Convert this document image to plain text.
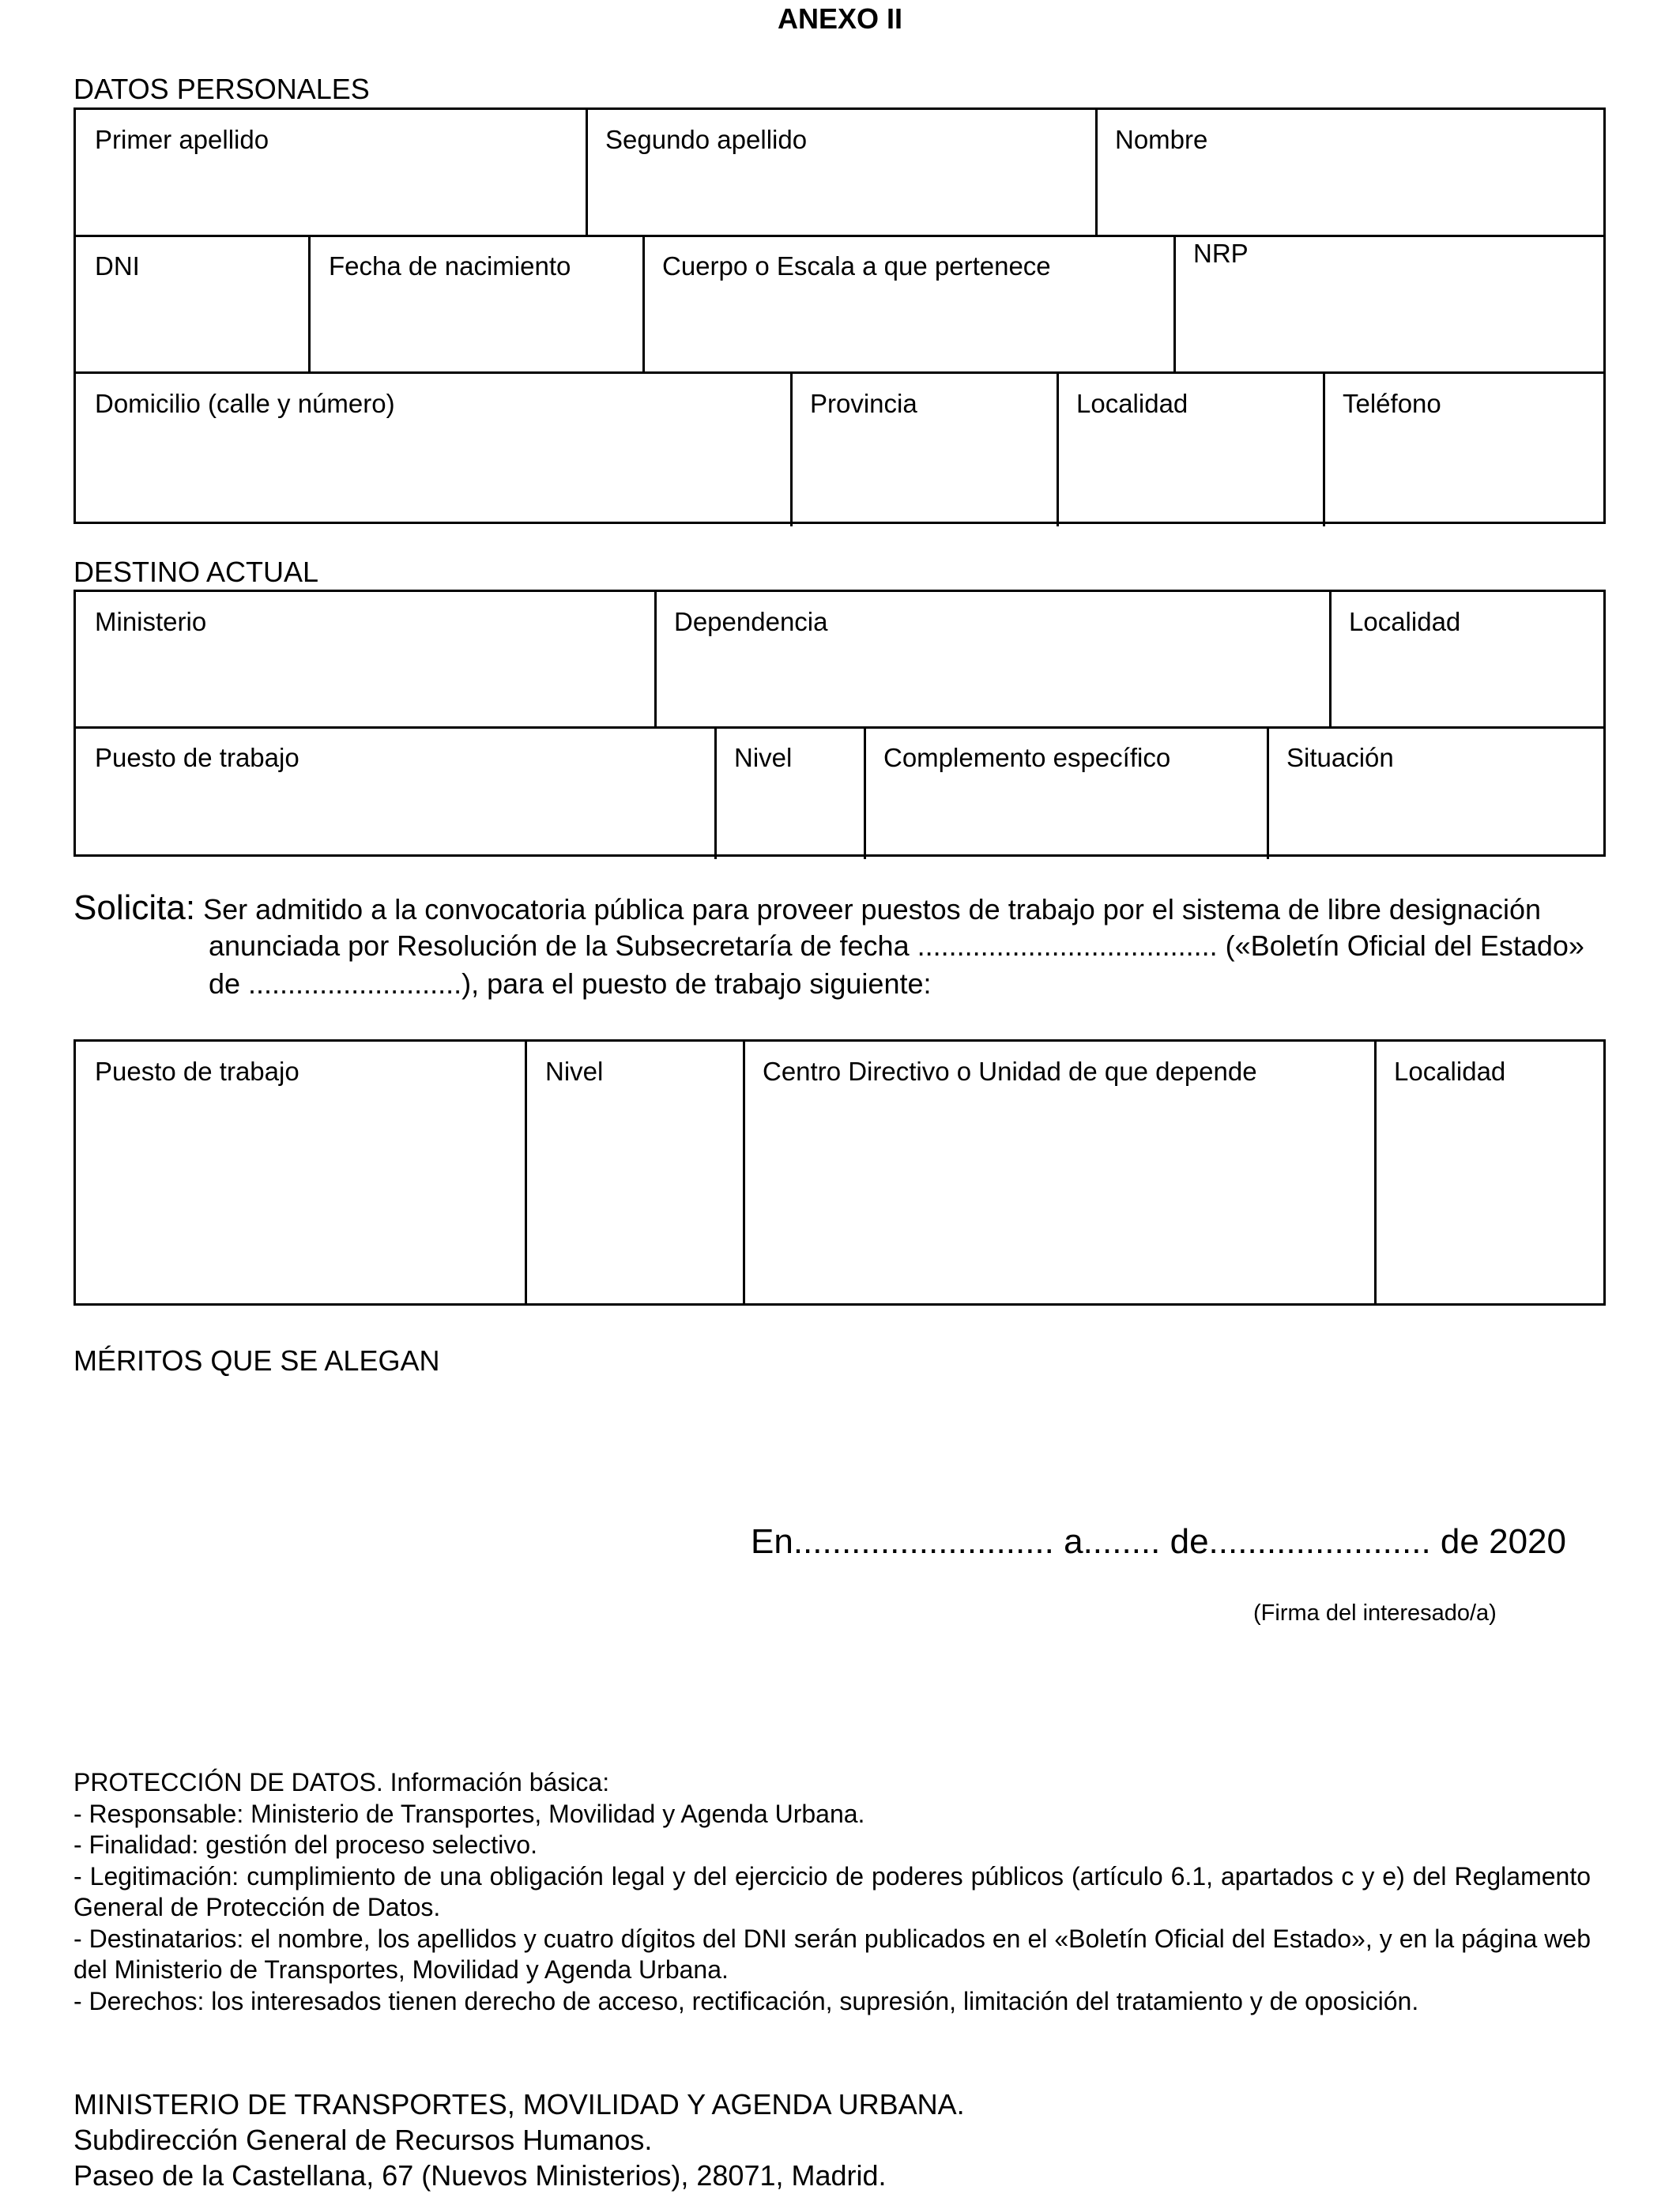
ANEXO II
DATOS PERSONALES
Primer apellido	Segundo apellido	Nombre
DNI	Fecha de nacimiento	Cuerpo o Escala a que pertenece	NRP
Domicilio (calle y número)	Provincia	Localidad	Teléfono
DESTINO ACTUAL
Ministerio	Dependencia	Localidad
Puesto de trabajo	Nivel	Complemento específico	Situación
Solicita: Ser admitido a la convocatoria pública para proveer puestos de trabajo por el sistema de libre designación
anunciada por Resolución de la Subsecretaría de fecha ...................................... («Boletín Oficial del Estado»
de ...........................), para el puesto de trabajo siguiente:
Puesto de trabajo	Nivel	Centro Directivo o Unidad de que depende	Localidad
MÉRITOS QUE SE ALEGAN
En........................... a........ de....................... de 2020
(Firma del interesado/a)

PROTECCIÓN DE DATOS. Información básica:

- Responsable: Ministerio de Transportes, Movilidad y Agenda Urbana.

- Finalidad: gestión del proceso selectivo.

- Legitimación: cumplimiento de una obligación legal y del ejercicio de poderes públicos (artículo 6.1, apartados c y e) del Reglamento General de Protección de Datos.

- Destinatarios: el nombre, los apellidos y cuatro dígitos del DNI serán publicados en el «Boletín Oficial del Estado», y en la página web del Ministerio de Transportes, Movilidad y Agenda Urbana.

- Derechos: los interesados tienen derecho de acceso, rectificación, supresión, limitación del tratamiento y de oposición.

MINISTERIO DE TRANSPORTES, MOVILIDAD Y AGENDA URBANA.

Subdirección General de Recursos Humanos.

Paseo de la Castellana, 67 (Nuevos Ministerios), 28071, Madrid.
